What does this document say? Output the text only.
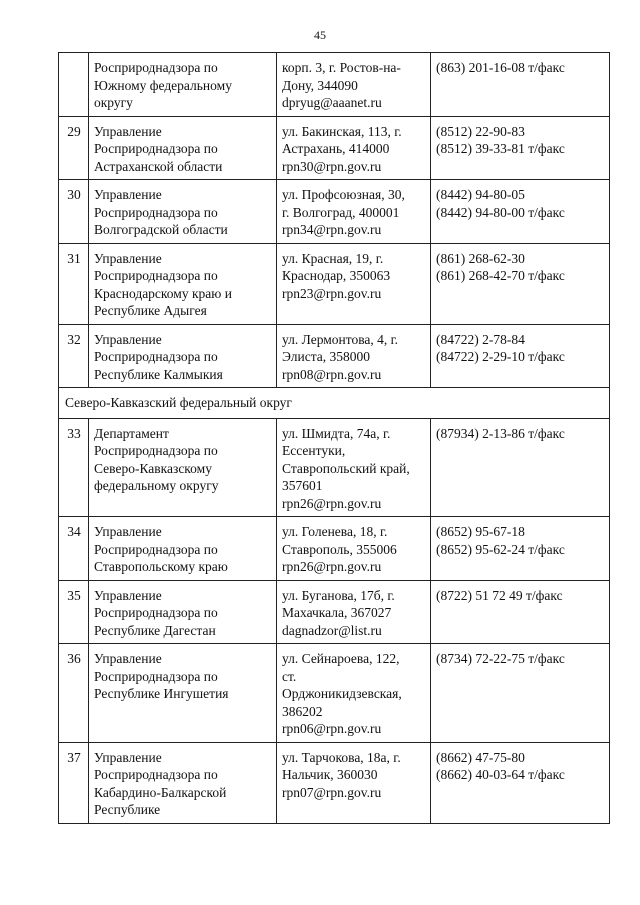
45

	Росприроднадзора по
Южному федеральному
округу	корп. 3, г. Ростов-на-
Дону, 344090
dpryug@aaanet.ru	(863) 201-16-08 т/факс

29	Управление
Росприроднадзора по
Астраханской области	ул. Бакинская, 113, г.
Астрахань, 414000
rpn30@rpn.gov.ru	(8512) 22-90-83
(8512) 39-33-81 т/факс

30	Управление
Росприроднадзора по
Волгоградской области	ул. Профсоюзная, 30,
г. Волгоград, 400001
rpn34@rpn.gov.ru	(8442) 94-80-05
(8442) 94-80-00 т/факс

31	Управление
Росприроднадзора по
Краснодарскому краю и
Республике Адыгея	ул. Красная, 19, г.
Краснодар, 350063
rpn23@rpn.gov.ru	(861) 268-62-30
(861) 268-42-70 т/факс

32	Управление
Росприроднадзора по
Республике Калмыкия	ул. Лермонтова, 4, г.
Элиста, 358000
rpn08@rpn.gov.ru	(84722) 2-78-84
(84722) 2-29-10 т/факс

Северо-Кавказский федеральный округ			
33	Департамент
Росприроднадзора по
Северо-Кавказскому
федеральному округу	ул. Шмидта, 74а, г.
Ессентуки,
Ставропольский край,
357601
rpn26@rpn.gov.ru	(87934) 2-13-86 т/факс

34	Управление
Росприроднадзора по
Ставропольскому краю	ул. Голенева, 18, г.
Ставрополь, 355006
rpn26@rpn.gov.ru	(8652) 95-67-18
(8652) 95-62-24 т/факс

35	Управление
Росприроднадзора по
Республике Дагестан	ул. Буганова, 17б, г.
Махачкала, 367027
dagnadzor@list.ru	(8722) 51 72 49 т/факс

36	Управление
Росприроднадзора по
Республике Ингушетия	ул. Сейнароева, 122,
ст.
Орджоникидзевская,
386202
rpn06@rpn.gov.ru	(8734) 72-22-75 т/факс

37	Управление
Росприроднадзора по
Кабардино-Балкарской
Республике	ул. Тарчокова, 18а, г.
Нальчик, 360030
rpn07@rpn.gov.ru	(8662) 47-75-80
(8662) 40-03-64 т/факс
